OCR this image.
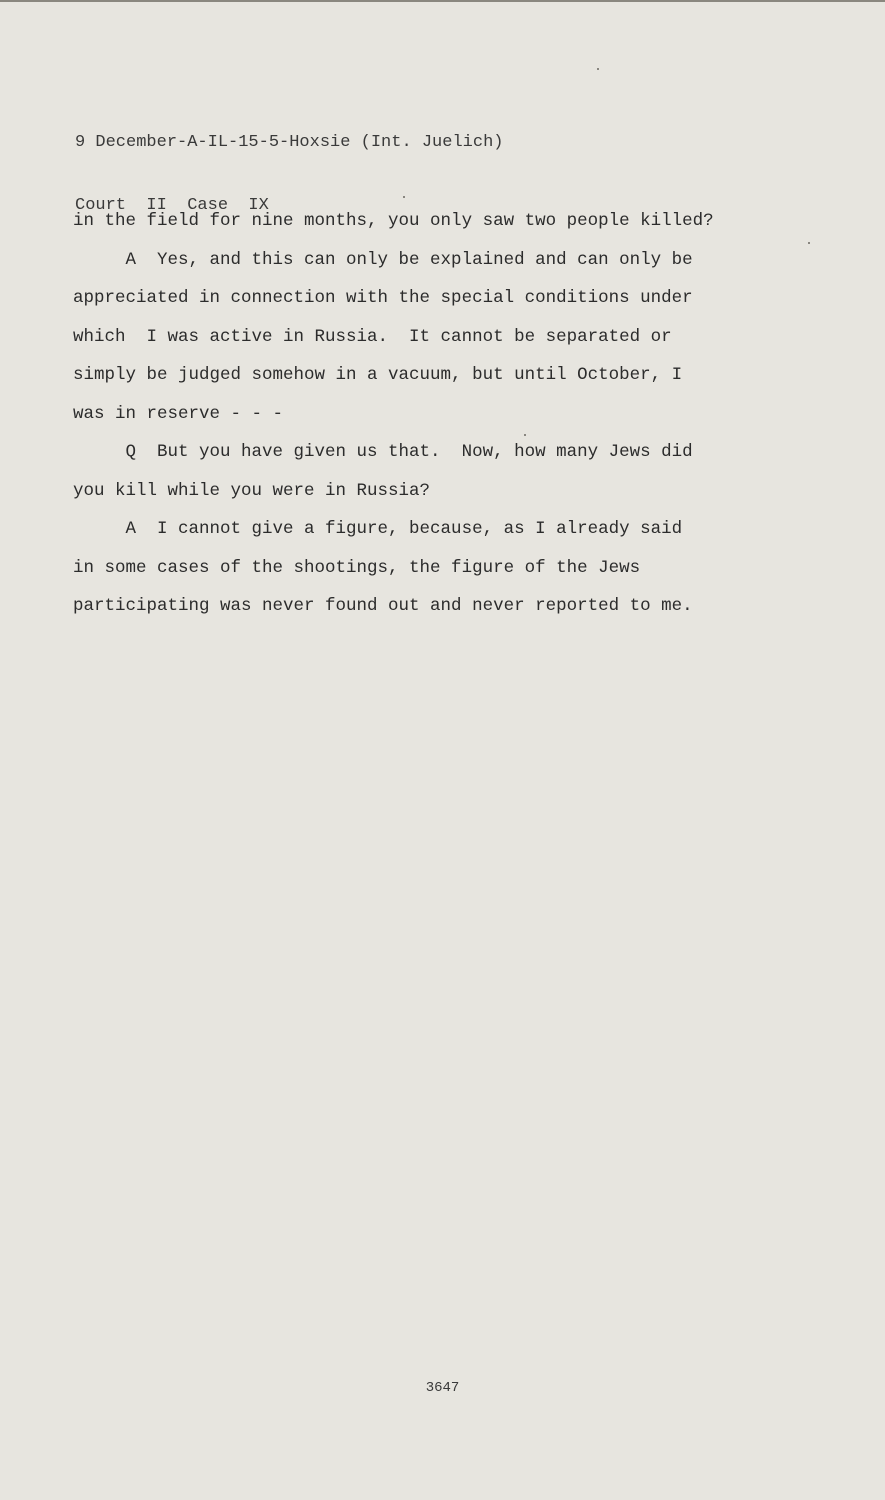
9 December-A-IL-15-5-Hoxsie (Int. Juelich)

Court  II  Case  IX

in the field for nine months, you only saw two people killed?
A  Yes, and this can only be explained and can only be
appreciated in connection with the special conditions under
which  I was active in Russia.  It cannot be separated or
simply be judged somehow in a vacuum, but until October, I
was in reserve - - -
Q  But you have given us that.  Now, how many Jews did
you kill while you were in Russia?
A  I cannot give a figure, because, as I already said
in some cases of the shootings, the figure of the Jews
participating was never found out and never reported to me.
3647
